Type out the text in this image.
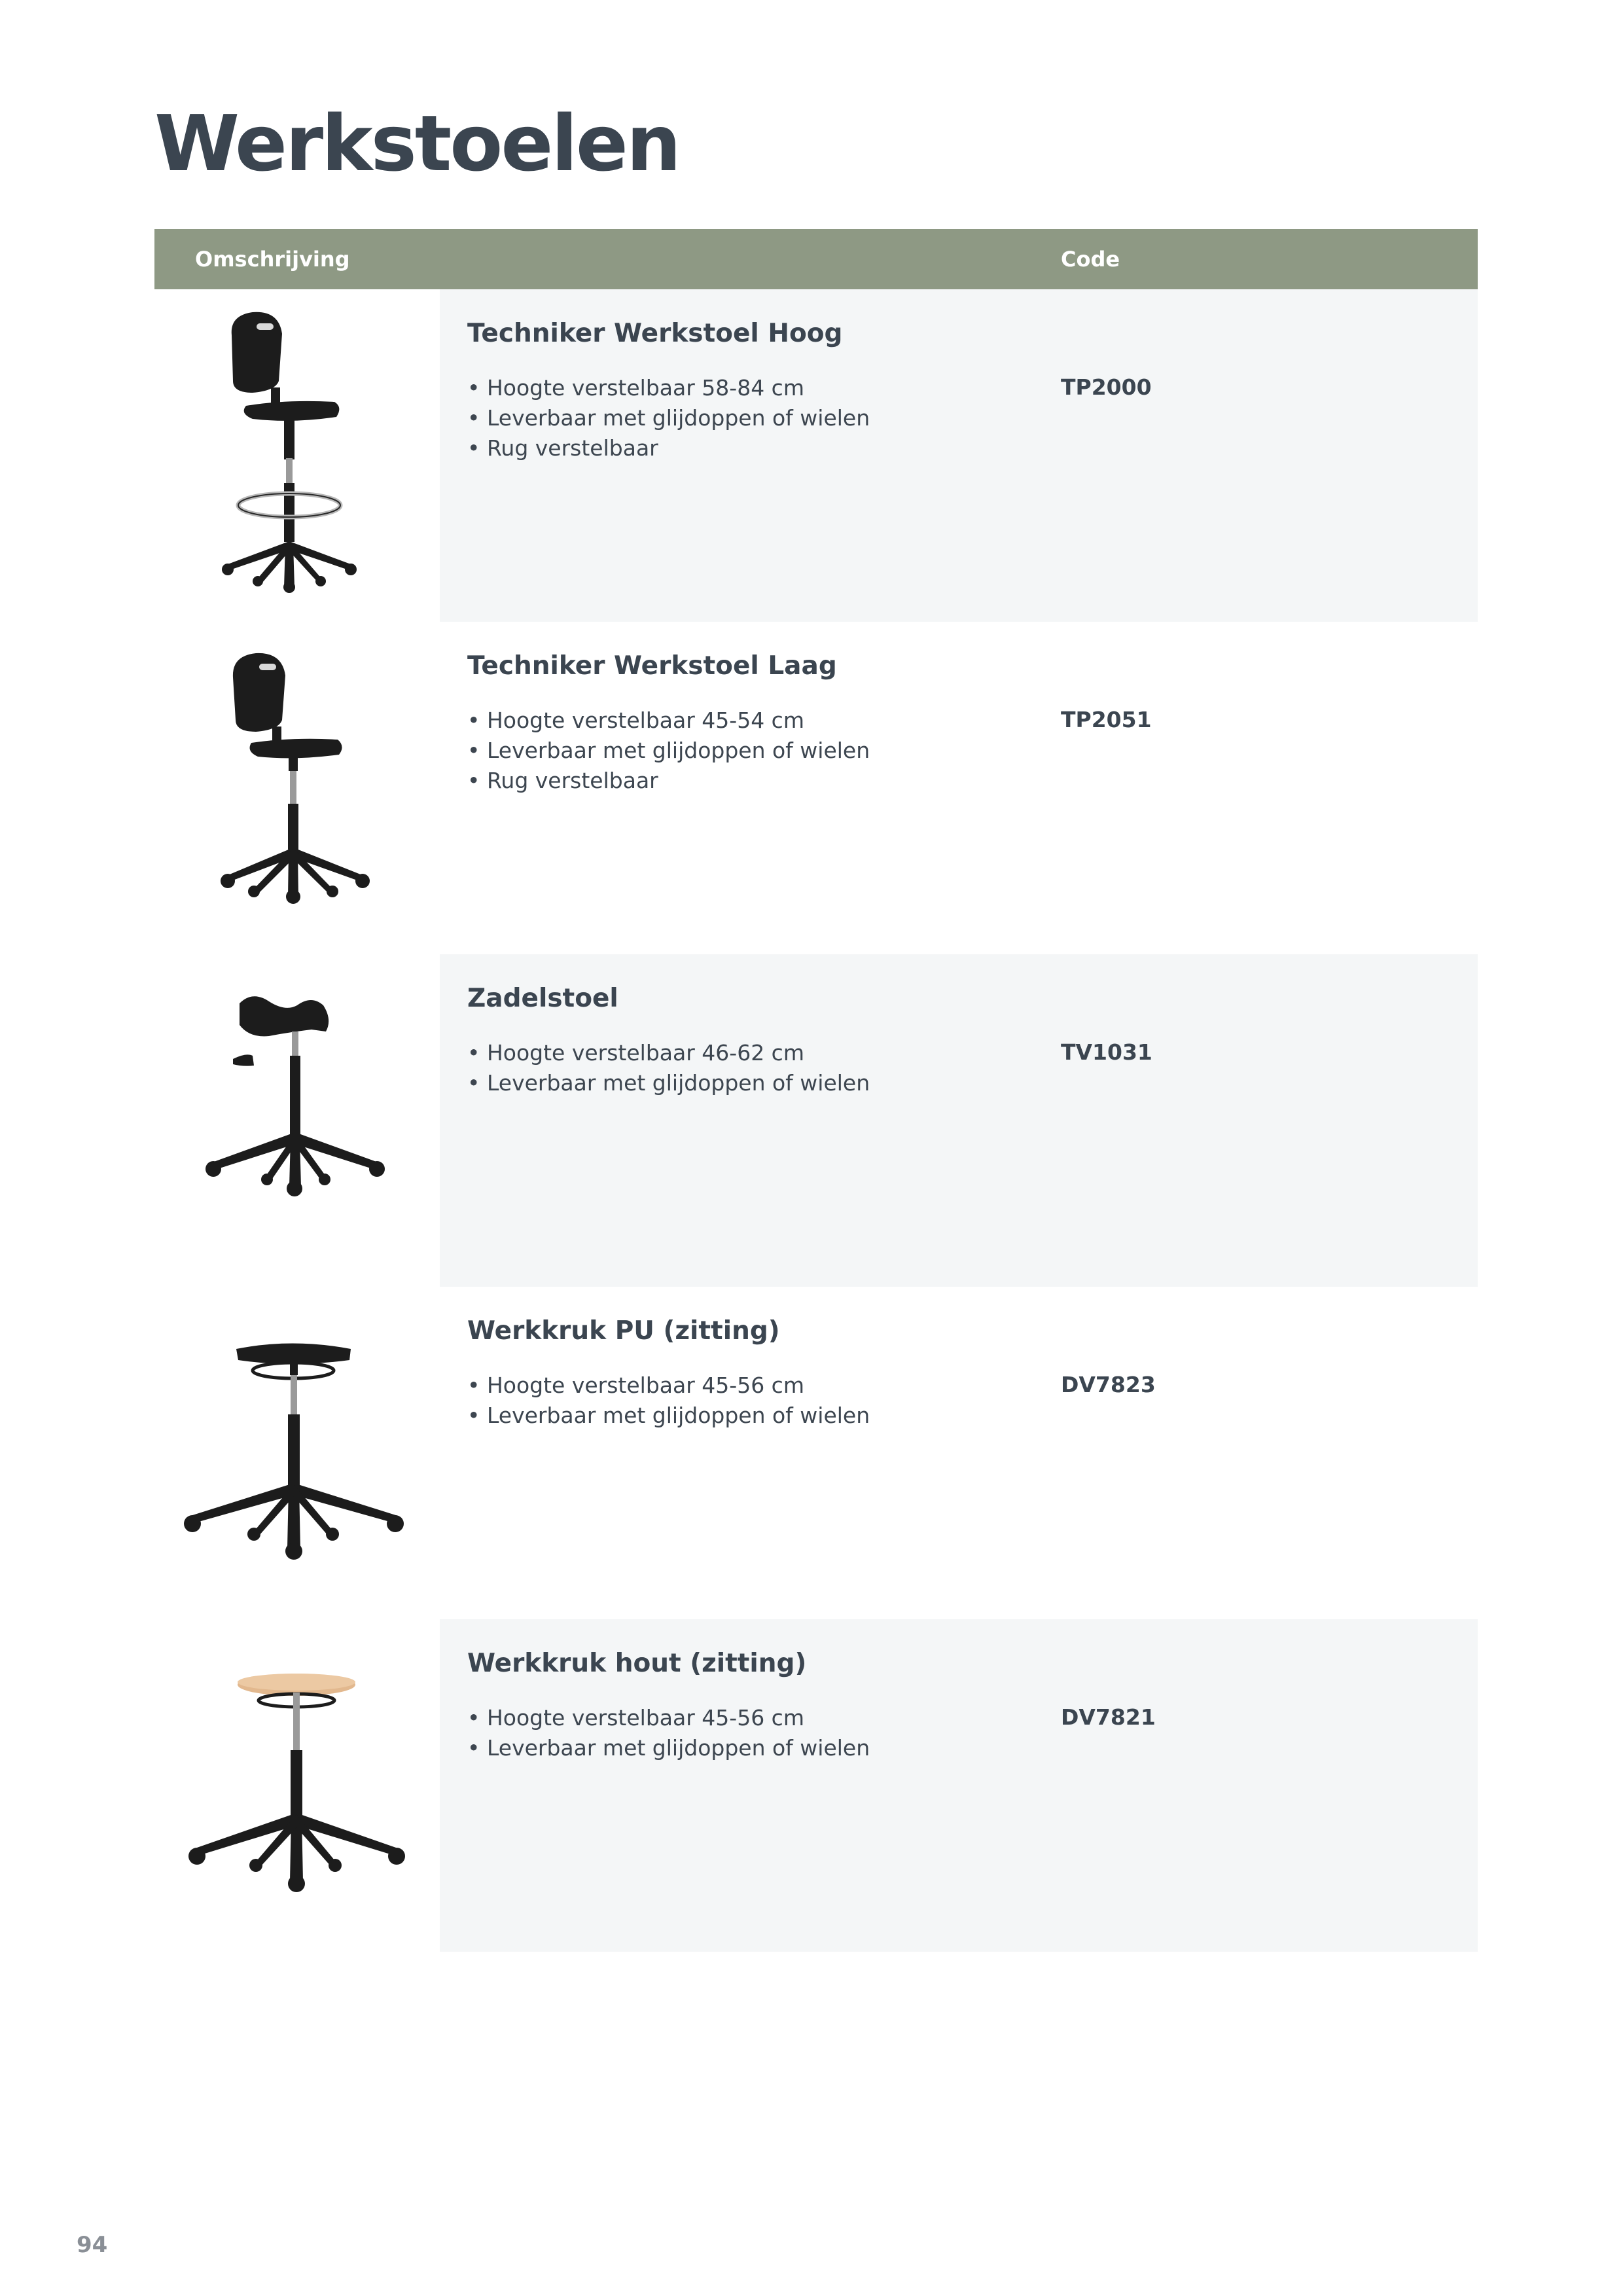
Werkstoelen
Omschrijving	Code
Techniker Werkstoel Hoog
• Hoogte verstelbaar 58-84 cm
• Leverbaar met glijdoppen of wielen
• Rug verstelbaar
TP2000
Techniker Werkstoel Laag
• Hoogte verstelbaar 45-54 cm
• Leverbaar met glijdoppen of wielen
• Rug verstelbaar
TP2051
Zadelstoel
• Hoogte verstelbaar 46-62 cm
• Leverbaar met glijdoppen of wielen
TV1031
Werkkruk PU (zitting)
• Hoogte verstelbaar 45-56 cm
• Leverbaar met glijdoppen of wielen
DV7823
Werkkruk hout (zitting)
• Hoogte verstelbaar 45-56 cm
• Leverbaar met glijdoppen of wielen
DV7821
94
